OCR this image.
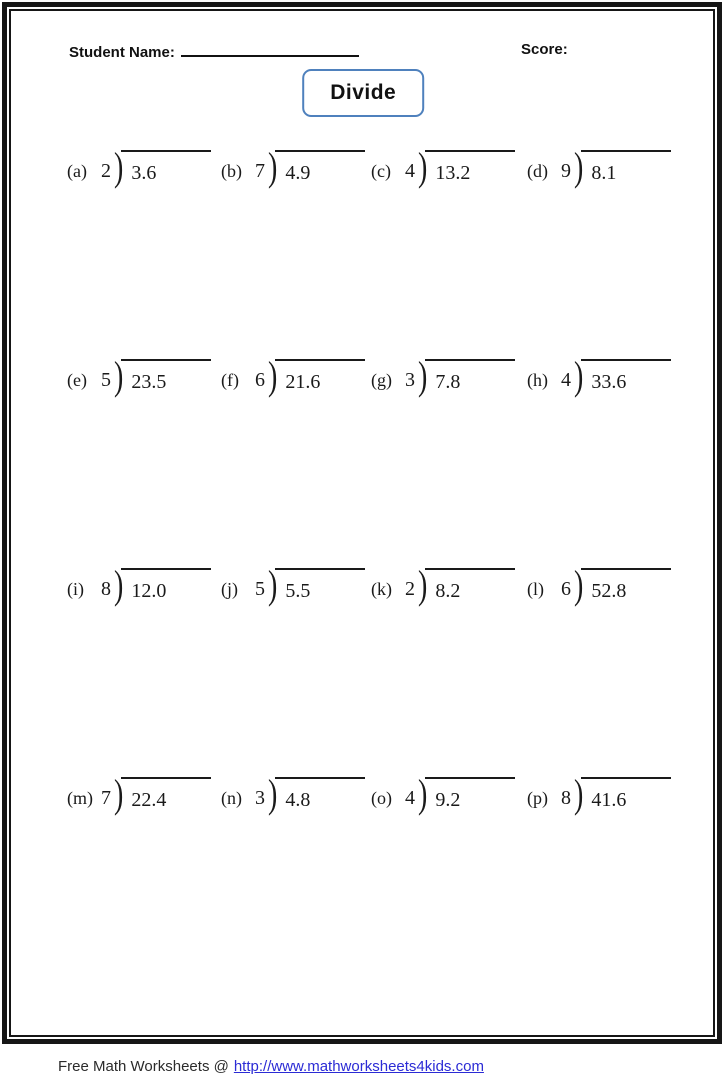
Student Name:	Score:
Divide
(a) 2 ) 3.6	(b) 7 ) 4.9	(c) 4 ) 13.2	(d) 9 ) 8.1
(e) 5 ) 23.5	(f) 6 ) 21.6	(g) 3 ) 7.8	(h) 4 ) 33.6
(i) 8 ) 12.0	(j) 5 ) 5.5	(k) 2 ) 8.2	(l) 6 ) 52.8
(m) 7 ) 22.4	(n) 3 ) 4.8	(o) 4 ) 9.2	(p) 8 ) 41.6
Free Math Worksheets @ http://www.mathworksheets4kids.com
